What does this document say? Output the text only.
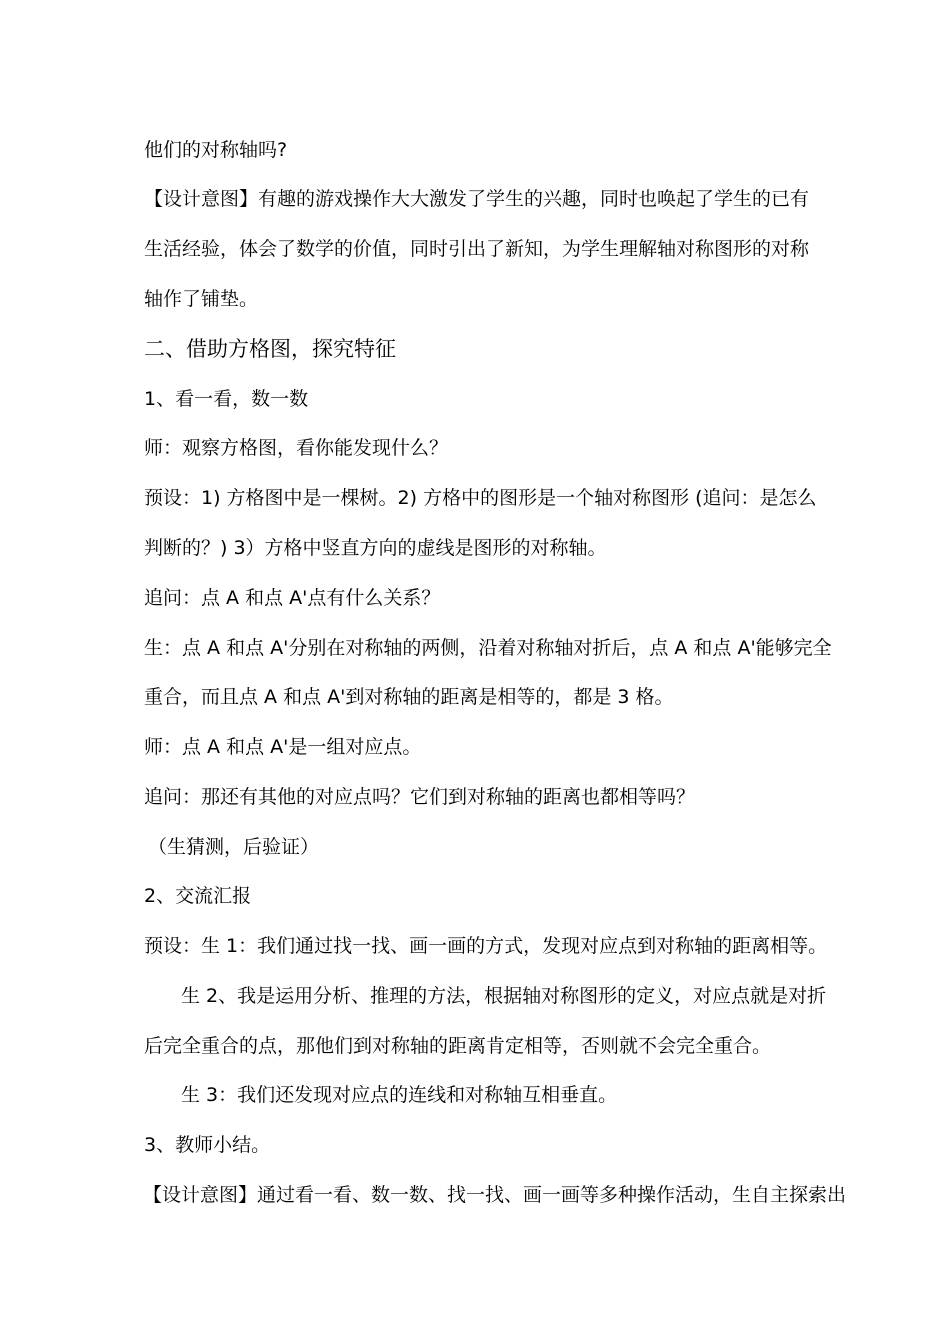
他们的对称轴吗?
【设计意图】有趣的游戏操作大大激发了学生的兴趣，同时也唤起了学生的已有
生活经验，体会了数学的价值，同时引出了新知，为学生理解轴对称图形的对称
轴作了铺垫。
二、借助方格图，探究特征
1、看一看，数一数
师：观察方格图，看你能发现什么？
预设：1) 方格图中是一棵树。2) 方格中的图形是一个轴对称图形 (追问：是怎么
判断的？) 3）方格中竖直方向的虚线是图形的对称轴。
追问：点 A 和点 A'点有什么关系？
生：点 A 和点 A'分别在对称轴的两侧，沿着对称轴对折后，点 A 和点 A'能够完全
重合，而且点 A 和点 A'到对称轴的距离是相等的，都是 3 格。
师：点 A 和点 A'是一组对应点。
追问：那还有其他的对应点吗？它们到对称轴的距离也都相等吗？
（生猜测，后验证）
2、交流汇报
预设：生 1：我们通过找一找、画一画的方式，发现对应点到对称轴的距离相等。
生 2、我是运用分析、推理的方法，根据轴对称图形的定义，对应点就是对折
后完全重合的点，那他们到对称轴的距离肯定相等，否则就不会完全重合。
生 3：我们还发现对应点的连线和对称轴互相垂直。
3、教师小结。
【设计意图】通过看一看、数一数、找一找、画一画等多种操作活动，生自主探索出
